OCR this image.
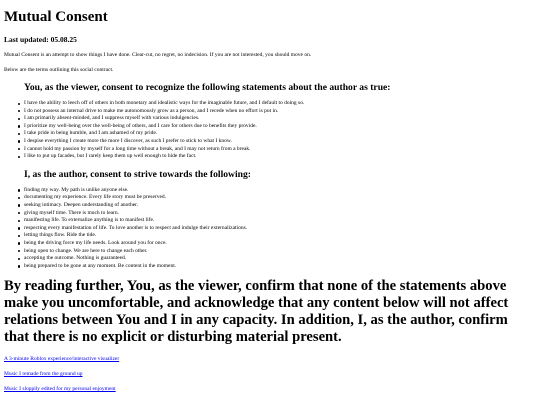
Mutual Consent

Last updated: 05.08.25

Mutual Consent is an attempt to show things I have done. Clear-cut, no regret, no indecision. If you are not interested, you should move on.

Below are the terms outlining this social contract.

You, as the viewer, consent to recognize the following statements about the author as true:
I have the ability to leech off of others in both monetary and idealistic ways for the imaginable future, and I default to doing so.
I do not possess an internal drive to make me autonomously grow as a person, and I recede when no effort is put in.
I am primarily absent-minded, and I suppress myself with various indulgencies.
I prioritize my well-being over the well-being of others, and I care for others due to benefits they provide.
I take pride in being humble, and I am ashamed of my pride.
I despise everything I create more the more I discover, as such I prefer to stick to what I know.
I cannot hold my passion by myself for a long time without a break, and I may not return from a break.
I like to put up facades, but I rarely keep them up well enough to hide the fact.
I, as the author, consent to strive towards the following:
finding my way. My path is unlike anyone else.
documenting my experience. Every life story must be preserved.
seeking intimacy. Deepen understanding of another.
giving myself time. There is much to learn.
manifesting life. To externalize anything is to manifest life.
respecting every manifestation of life. To love another is to respect and indulge their externalizations.
letting things flow. Ride the tide.
being the driving force my life needs. Look around you for once.
being open to change. We are here to change each other.
accepting the outcome. Nothing is guaranteed.
being prepared to be gone at any moment. Be content in the moment.

By reading further, You, as the viewer, confirm that none of the statements above make you uncomfortable, and acknowledge that any content below will not affect relations between You and I in any capacity. In addition, I, as the author, confirm that there is no explicit or disturbing material present.

A 3-minute Roblox experience/interactive visualizer

Music I remade from the ground up

Music I sloppily edited for my personal enjoyment
